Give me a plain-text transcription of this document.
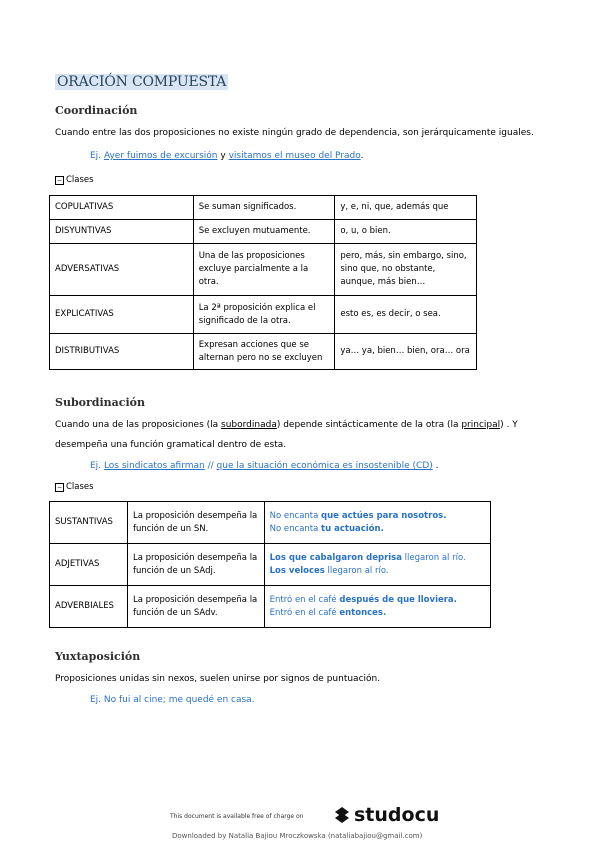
ORACIÓN COMPUESTA
Coordinación
Cuando entre las dos proposiciones no existe ningún grado de dependencia, son jerárquicamente iguales.
Ej. Ayer fuimos de excursión y visitamos el museo del Prado.
− Clases
COPULATIVAS	Se suman significados.	y, e, ni, que, además que
DISYUNTIVAS	Se excluyen mutuamente.	o, u, o bien.
ADVERSATIVAS	Una de las proposiciones excluye parcialmente a la otra.	pero, más, sin embargo, sino, sino que, no obstante, aunque, más bien…
EXPLICATIVAS	La 2ª proposición explica el significado de la otra.	esto es, es decir, o sea.
DISTRIBUTIVAS	Expresan acciones que se alternan pero no se excluyen	ya… ya, bien… bien, ora… ora
Subordinación
Cuando una de las proposiciones (la subordinada) depende sintácticamente de la otra (la principal) . Y
desempeña una función gramatical dentro de esta.
Ej. Los sindicatos afirman // que la situación económica es insostenible (CD) .
− Clases
SUSTANTIVAS	La proposición desempeña la función de un SN.	No encanta que actúes para nosotros.
No encanta tu actuación.

ADJETIVAS	La proposición desempeña la función de un SAdj.	Los que cabalgaron deprisa llegaron al río.
Los veloces llegaron al río.

ADVERBIALES	La proposición desempeña la función de un SAdv.	Entró en el café después de que lloviera.
Entró en el café entonces.
Yuxtaposición
Proposiciones unidas sin nexos, suelen unirse por signos de puntuación.
Ej. No fui al cine; me quedé en casa.
This document is available free of charge on	studocu
Downloaded by Natalia Bajiou Mroczkowska (nataliabajiou@gmail.com)
